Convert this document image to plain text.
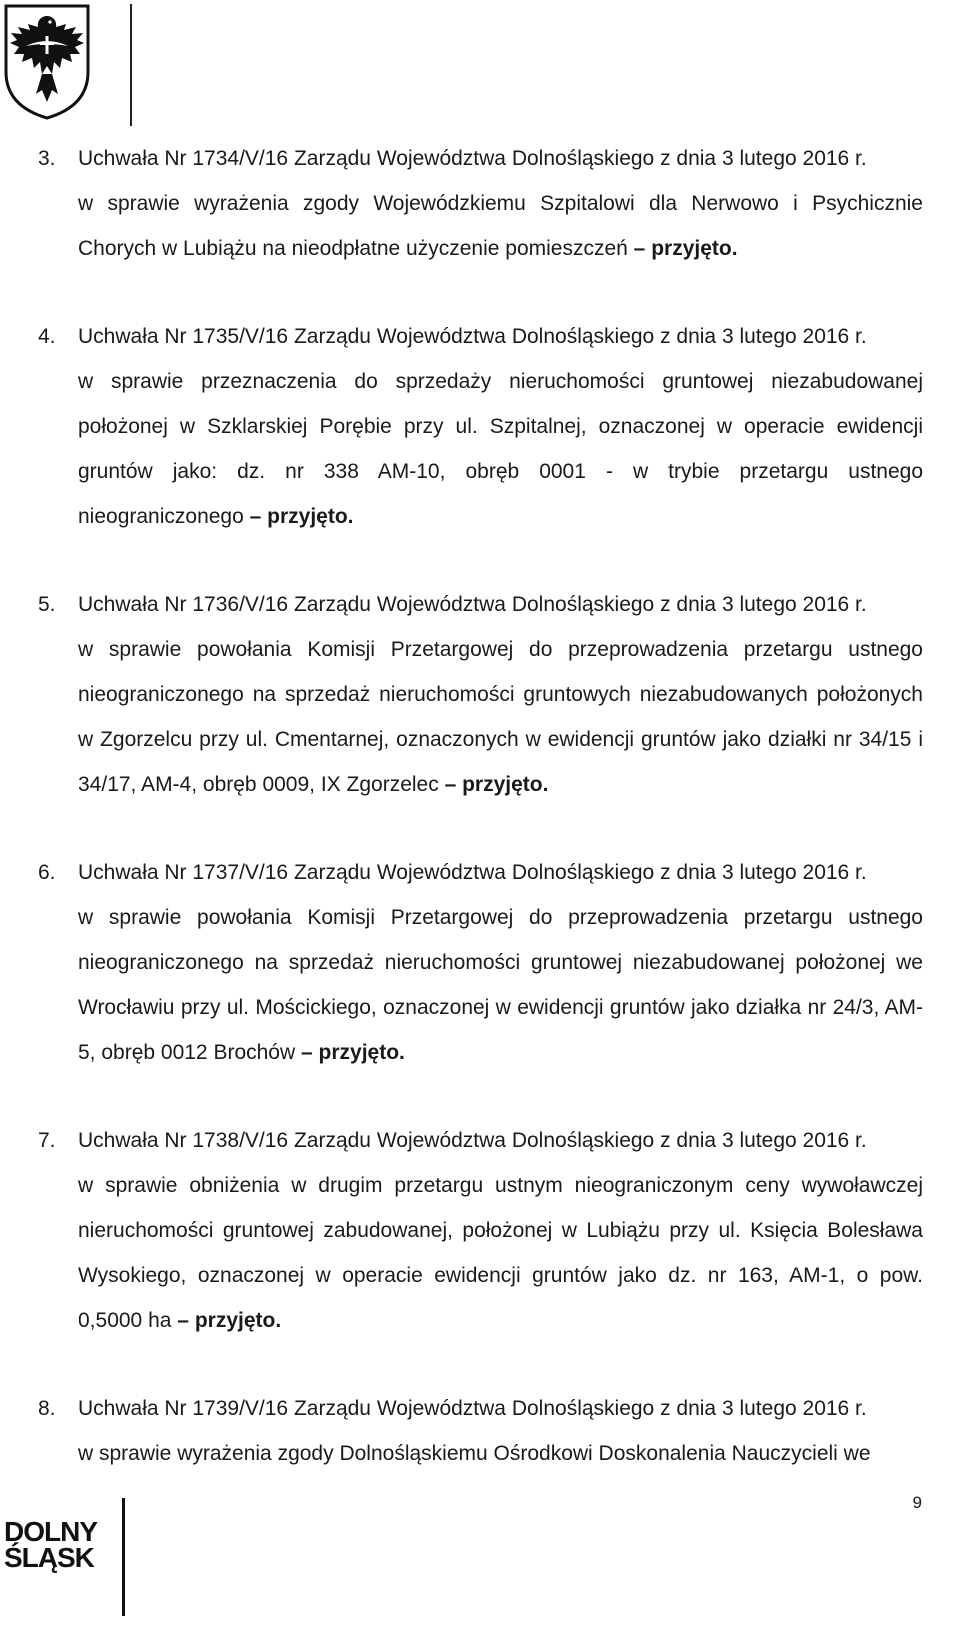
3. Uchwała Nr 1734/V/16 Zarządu Województwa Dolnośląskiego z dnia 3 lutego 2016 r.

w sprawie wyrażenia zgody Wojewódzkiemu Szpitalowi dla Nerwowo i Psychicznie Chorych w Lubiążu na nieodpłatne użyczenie pomieszczeń – przyjęto.

4. Uchwała Nr 1735/V/16 Zarządu Województwa Dolnośląskiego z dnia 3 lutego 2016 r.

w sprawie przeznaczenia do sprzedaży nieruchomości gruntowej niezabudowanej położonej w Szklarskiej Porębie przy ul. Szpitalnej, oznaczonej w operacie ewidencji gruntów jako: dz. nr 338 AM-10, obręb 0001 - w trybie przetargu ustnego nieograniczonego – przyjęto.

5. Uchwała Nr 1736/V/16 Zarządu Województwa Dolnośląskiego z dnia 3 lutego 2016 r.

w sprawie powołania Komisji Przetargowej do przeprowadzenia przetargu ustnego nieograniczonego na sprzedaż nieruchomości gruntowych niezabudowanych położonych w Zgorzelcu przy ul. Cmentarnej, oznaczonych w ewidencji gruntów jako działki nr 34/15 i 34/17, AM-4, obręb 0009, IX Zgorzelec – przyjęto.

6. Uchwała Nr 1737/V/16 Zarządu Województwa Dolnośląskiego z dnia 3 lutego 2016 r.

w sprawie powołania Komisji Przetargowej do przeprowadzenia przetargu ustnego nieograniczonego na sprzedaż nieruchomości gruntowej niezabudowanej położonej we Wrocławiu przy ul. Mościckiego, oznaczonej w ewidencji gruntów jako działka nr 24/3, AM-5, obręb 0012 Brochów – przyjęto.

7. Uchwała Nr 1738/V/16 Zarządu Województwa Dolnośląskiego z dnia 3 lutego 2016 r.

w sprawie obniżenia w drugim przetargu ustnym nieograniczonym ceny wywoławczej nieruchomości gruntowej zabudowanej, położonej w Lubiążu przy ul. Księcia Bolesława Wysokiego, oznaczonej w operacie ewidencji gruntów jako dz. nr 163, AM-1, o pow. 0,5000 ha – przyjęto.

8. Uchwała Nr 1739/V/16 Zarządu Województwa Dolnośląskiego z dnia 3 lutego 2016 r.

w sprawie wyrażenia zgody Dolnośląskiemu Ośrodkowi Doskonalenia Nauczycieli we

9
DOLNY
ŚLĄSK
